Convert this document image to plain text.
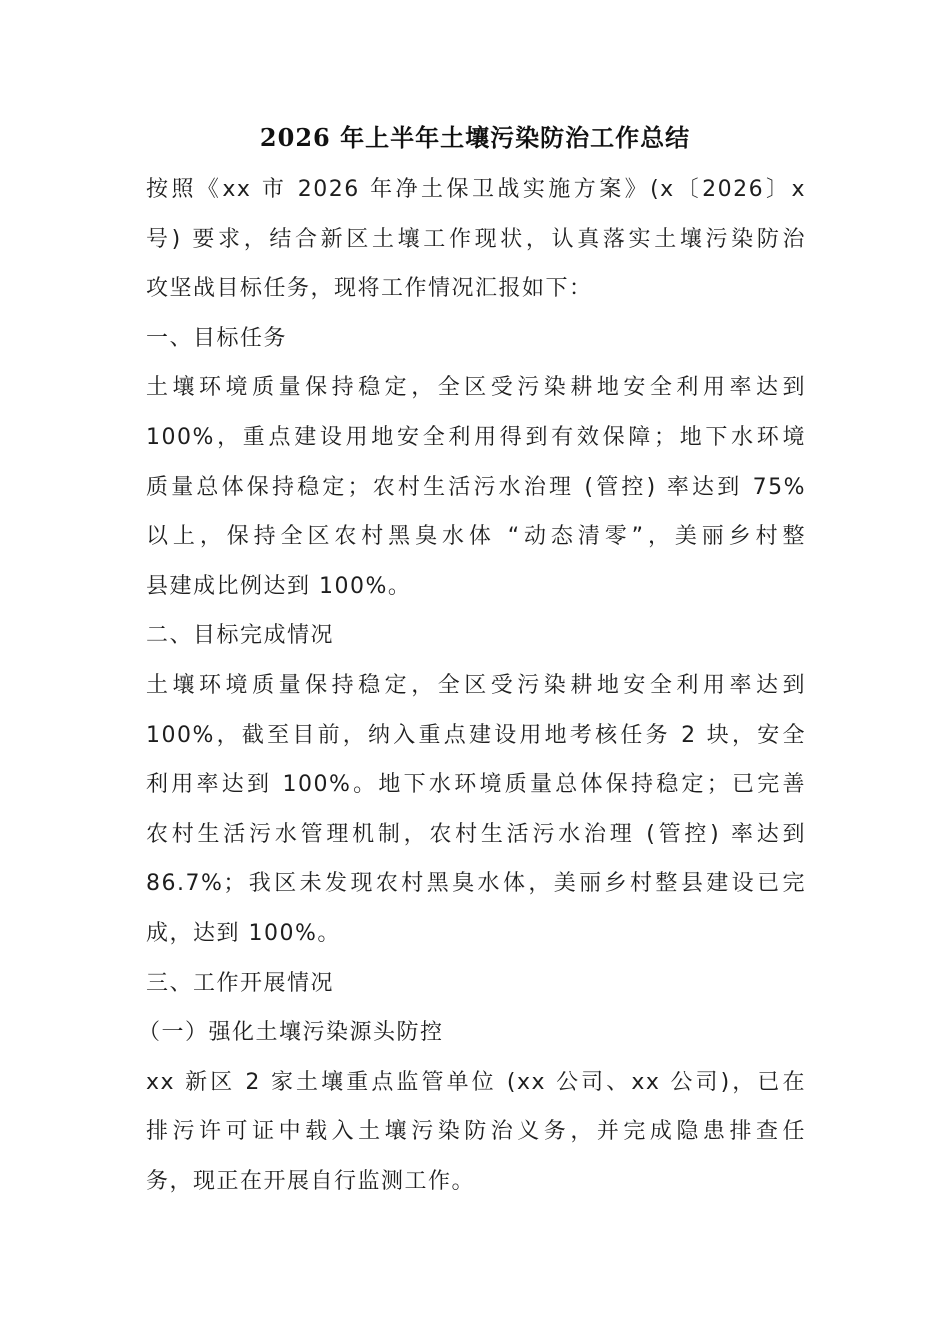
2026 年上半年土壤污染防治工作总结
按照《xx 市 2026 年净土保卫战实施方案》(x〔2026〕x
号) 要求，结合新区土壤工作现状，认真落实土壤污染防治
攻坚战目标任务，现将工作情况汇报如下：
一、目标任务
土壤环境质量保持稳定，全区受污染耕地安全利用率达到
100%，重点建设用地安全利用得到有效保障；地下水环境
质量总体保持稳定；农村生活污水治理 (管控) 率达到 75%
以上，保持全区农村黑臭水体 “动态清零”，美丽乡村整
县建成比例达到 100%。
二、目标完成情况
土壤环境质量保持稳定，全区受污染耕地安全利用率达到
100%，截至目前，纳入重点建设用地考核任务 2 块，安全
利用率达到 100%。地下水环境质量总体保持稳定；已完善
农村生活污水管理机制，农村生活污水治理 (管控) 率达到
86.7%；我区未发现农村黑臭水体，美丽乡村整县建设已完
成，达到 100%。
三、工作开展情况
（一）强化土壤污染源头防控
xx 新区 2 家土壤重点监管单位 (xx 公司、xx 公司)，已在
排污许可证中载入土壤污染防治义务，并完成隐患排查任
务，现正在开展自行监测工作。
